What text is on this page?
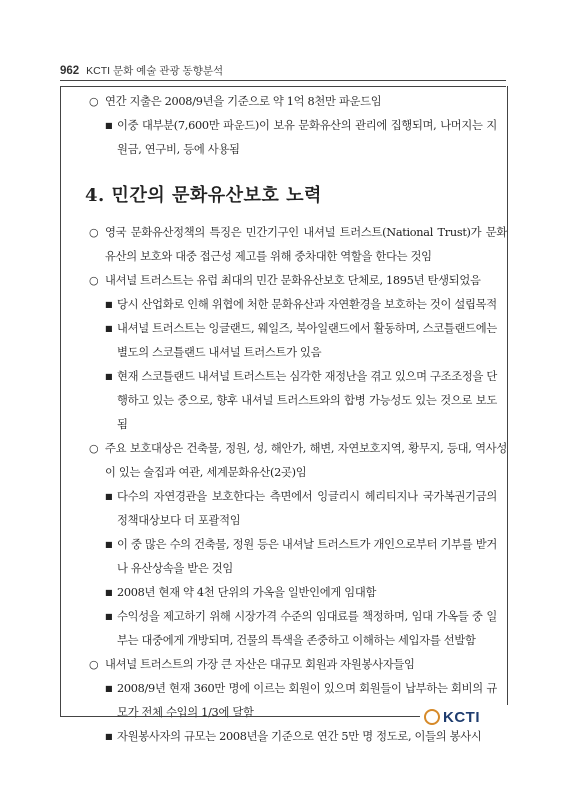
962 KCTI 문화 예술 관광 동향분석
○ 연간 지출은 2008/9년을 기준으로 약 1억 8천만 파운드임
■ 이중 대부분(7,600만 파운드)이 보유 문화유산의 관리에 집행되며, 나머지는 지원금, 연구비, 등에 사용됨
4. 민간의 문화유산보호 노력
○ 영국 문화유산정책의 특징은 민간기구인 내셔널 트러스트(National Trust)가 문화유산의 보호와 대중 접근성 제고를 위해 중차대한 역할을 한다는 것임
○ 내셔널 트러스트는 유럽 최대의 민간 문화유산보호 단체로, 1895년 탄생되었음
■ 당시 산업화로 인해 위협에 처한 문화유산과 자연환경을 보호하는 것이 설립목적
■ 내셔널 트러스트는 잉글랜드, 웨일즈, 북아일랜드에서 활동하며, 스코틀랜드에는 별도의 스코틀랜드 내셔널 트러스트가 있음
■ 현재 스코틀랜드 내셔널 트러스트는 심각한 재정난을 겪고 있으며 구조조정을 단행하고 있는 중으로, 향후 내셔널 트러스트와의 합병 가능성도 있는 것으로 보도됨
○ 주요 보호대상은 건축물, 정원, 성, 해안가, 해변, 자연보호지역, 황무지, 등대, 역사성이 있는 술집과 여관, 세계문화유산(2곳)임
■ 다수의 자연경관을 보호한다는 측면에서 잉글리시 헤리티지나 국가복권기금의 정책대상보다 더 포괄적임
■ 이 중 많은 수의 건축물, 정원 등은 내셔날 트러스트가 개인으로부터 기부를 받거나 유산상속을 받은 것임
■ 2008년 현재 약 4천 단위의 가옥을 일반인에게 임대함
■ 수익성을 제고하기 위해 시장가격 수준의 임대료를 책정하며, 임대 가옥들 중 일부는 대중에게 개방되며, 건물의 특색을 존중하고 이해하는 세입자를 선발함
○ 내셔널 트러스트의 가장 큰 자산은 대규모 회원과 자원봉사자들임
■ 2008/9년 현재 360만 명에 이르는 회원이 있으며 회원들이 납부하는 회비의 규모가 전체 수입의 1/3에 달함
■ 자원봉사자의 규모는 2008년을 기준으로 연간 5만 명 정도로, 이들의 봉사시
KCTI
